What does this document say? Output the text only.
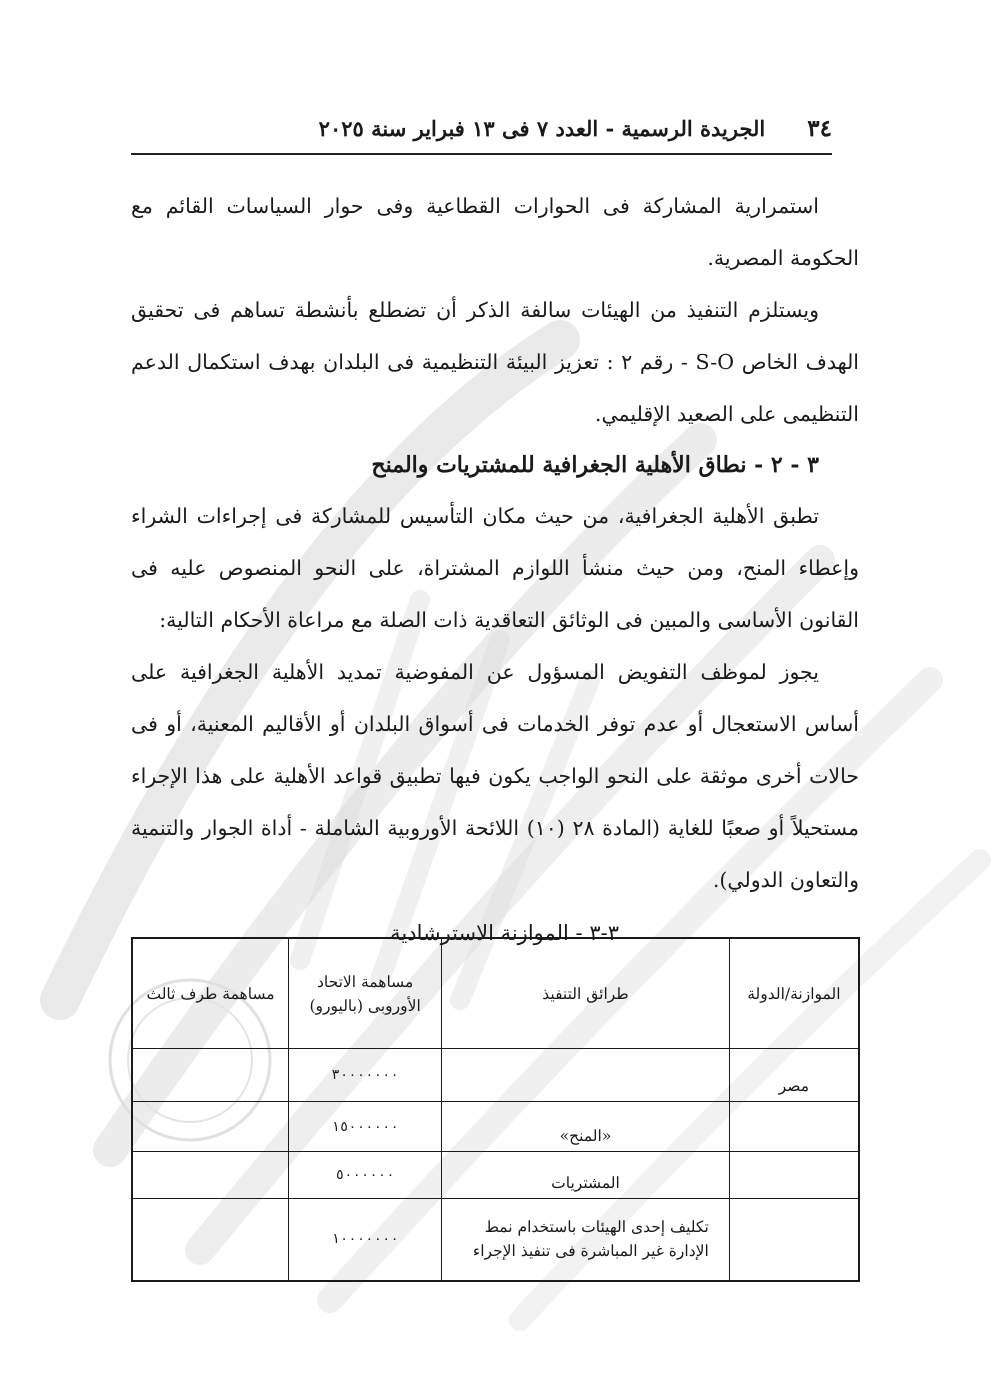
٣٤
الجريدة الرسمية - العدد ٧ فى ١٣ فبراير سنة ٢٠٢٥

استمرارية المشاركة فى الحوارات القطاعية وفى حوار السياسات القائم مع الحكومة المصرية.

ويستلزم التنفيذ من الهيئات سالفة الذكر أن تضطلع بأنشطة تساهم فى تحقيق الهدف الخاص S-O - رقم ٢ : تعزيز البيئة التنظيمية فى البلدان بهدف استكمال الدعم التنظيمى على الصعيد الإقليمي.

٣ - ٢ - نطاق الأهلية الجغرافية للمشتريات والمنح

تطبق الأهلية الجغرافية، من حيث مكان التأسيس للمشاركة فى إجراءات الشراء وإعطاء المنح، ومن حيث منشأ اللوازم المشتراة، على النحو المنصوص عليه فى القانون الأساسى والمبين فى الوثائق التعاقدية ذات الصلة مع مراعاة الأحكام التالية:

يجوز لموظف التفويض المسؤول عن المفوضية تمديد الأهلية الجغرافية على أساس الاستعجال أو عدم توفر الخدمات فى أسواق البلدان أو الأقاليم المعنية، أو فى حالات أخرى موثقة على النحو الواجب يكون فيها تطبيق قواعد الأهلية على هذا الإجراء مستحيلاً أو صعبًا للغاية (المادة ٢٨ (١٠) اللائحة الأوروبية الشاملة - أداة الجوار والتنمية والتعاون الدولي).

٣-٣ - الموازنة الاسترشادية

الموازنة/الدولة	طرائق التنفيذ	مساهمة الاتحاد الأوروبى (باليورو)	مساهمة طرف ثالث
مصر		٣٠٠٠٠٠٠٠	
	«المنح»	١٥٠٠٠٠٠٠	
	المشتريات	٥٠٠٠٠٠٠	
	تكليف إحدى الهيئات باستخدام نمط الإدارة غير المباشرة فى تنفيذ الإجراء	١٠٠٠٠٠٠٠	
